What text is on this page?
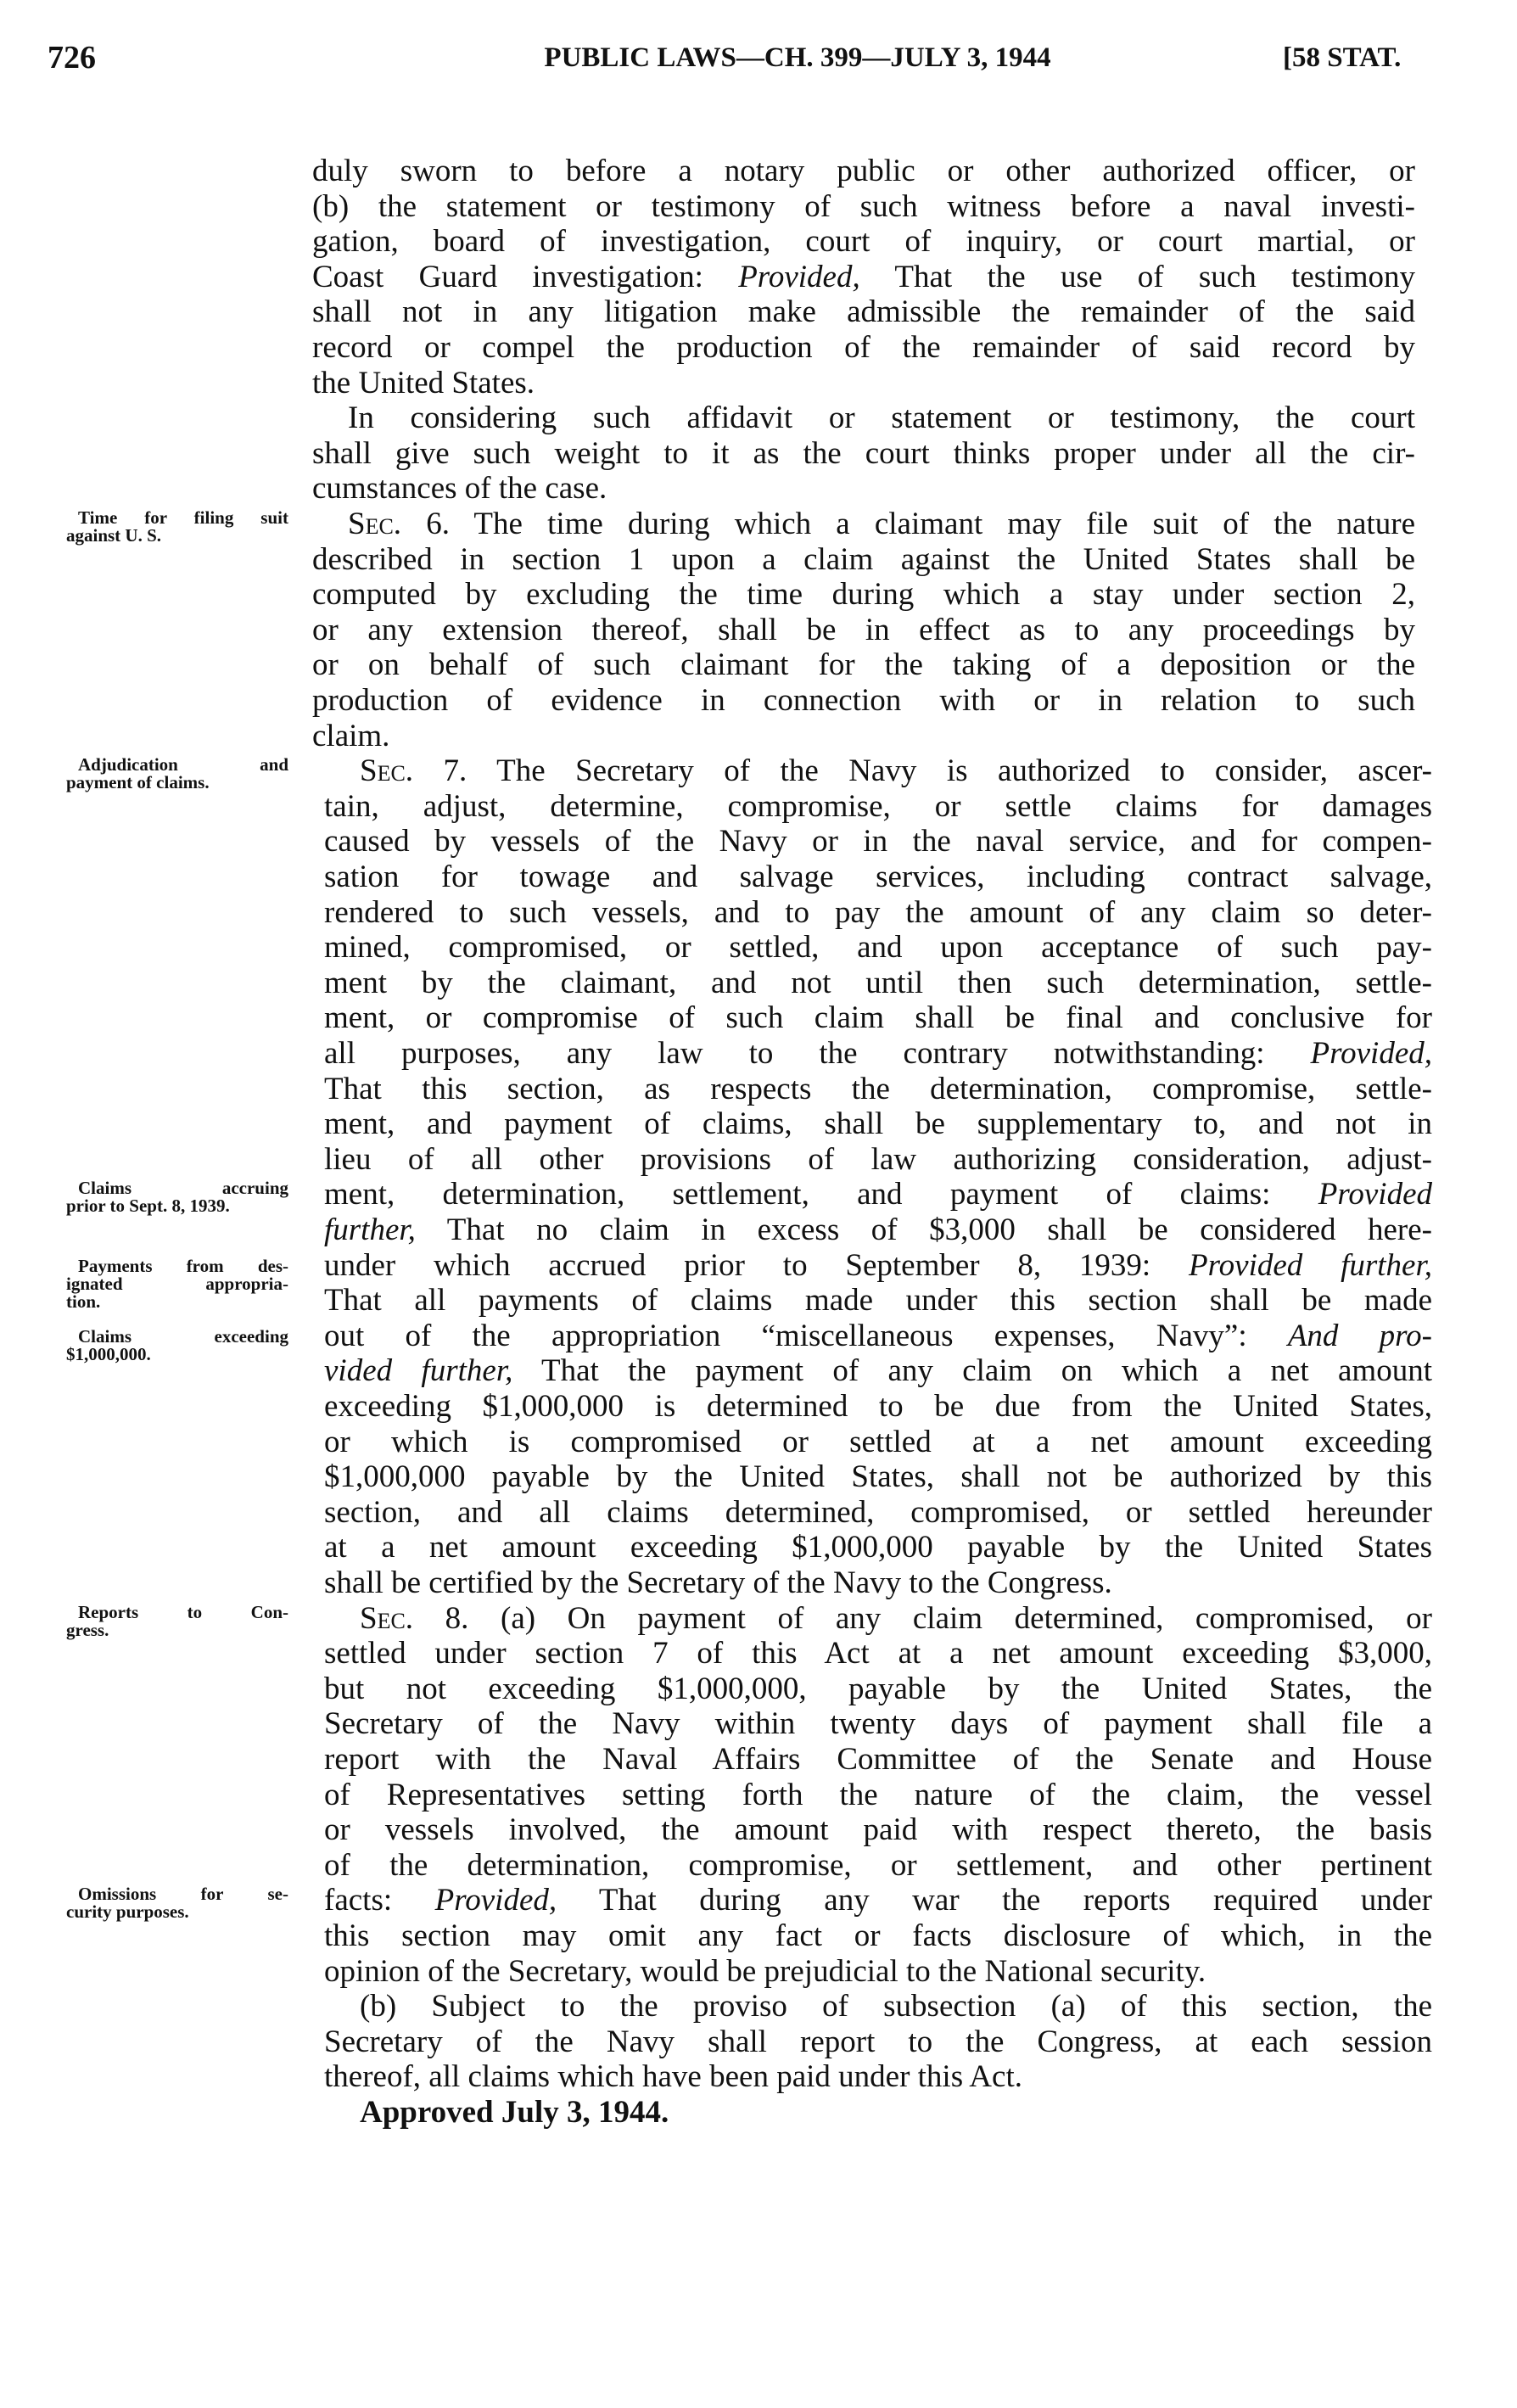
726	PUBLIC LAWS—CH. 399—JULY 3, 1944	[58 STAT.
Time for filing suit
against U. S.
Adjudication and
payment of claims.
Claims accruing
prior to Sept. 8, 1939.
Payments from des-
ignated appropria-
tion.
Claims exceeding
$1,000,000.
Reports to Con-
gress.
Omissions for se-
curity purposes.
duly sworn to before a notary public or other authorized officer, or
(b) the statement or testimony of such witness before a naval investi-
gation, board of investigation, court of inquiry, or court martial, or
Coast Guard investigation: Provided, That the use of such testimony
shall not in any litigation make admissible the remainder of the said
record or compel the production of the remainder of said record by
the United States.
In considering such affidavit or statement or testimony, the court
shall give such weight to it as the court thinks proper under all the cir-
cumstances of the case.
Sec. 6. The time during which a claimant may file suit of the nature
described in section 1 upon a claim against the United States shall be
computed by excluding the time during which a stay under section 2,
or any extension thereof, shall be in effect as to any proceedings by
or on behalf of such claimant for the taking of a deposition or the
production of evidence in connection with or in relation to such
claim.
Sec. 7. The Secretary of the Navy is authorized to consider, ascer-
tain, adjust, determine, compromise, or settle claims for damages
caused by vessels of the Navy or in the naval service, and for compen-
sation for towage and salvage services, including contract salvage,
rendered to such vessels, and to pay the amount of any claim so deter-
mined, compromised, or settled, and upon acceptance of such pay-
ment by the claimant, and not until then such determination, settle-
ment, or compromise of such claim shall be final and conclusive for
all purposes, any law to the contrary notwithstanding: Provided,
That this section, as respects the determination, compromise, settle-
ment, and payment of claims, shall be supplementary to, and not in
lieu of all other provisions of law authorizing consideration, adjust-
ment, determination, settlement, and payment of claims: Provided
further, That no claim in excess of $3,000 shall be considered here-
under which accrued prior to September 8, 1939: Provided further,
That all payments of claims made under this section shall be made
out of the appropriation “miscellaneous expenses, Navy”: And pro-
vided further, That the payment of any claim on which a net amount
exceeding $1,000,000 is determined to be due from the United States,
or which is compromised or settled at a net amount exceeding
$1,000,000 payable by the United States, shall not be authorized by this
section, and all claims determined, compromised, or settled hereunder
at a net amount exceeding $1,000,000 payable by the United States
shall be certified by the Secretary of the Navy to the Congress.
Sec. 8. (a) On payment of any claim determined, compromised, or
settled under section 7 of this Act at a net amount exceeding $3,000,
but not exceeding $1,000,000, payable by the United States, the
Secretary of the Navy within twenty days of payment shall file a
report with the Naval Affairs Committee of the Senate and House
of Representatives setting forth the nature of the claim, the vessel
or vessels involved, the amount paid with respect thereto, the basis
of the determination, compromise, or settlement, and other pertinent
facts: Provided, That during any war the reports required under
this section may omit any fact or facts disclosure of which, in the
opinion of the Secretary, would be prejudicial to the National security.
(b) Subject to the proviso of subsection (a) of this section, the
Secretary of the Navy shall report to the Congress, at each session
thereof, all claims which have been paid under this Act.
Approved July 3, 1944.
